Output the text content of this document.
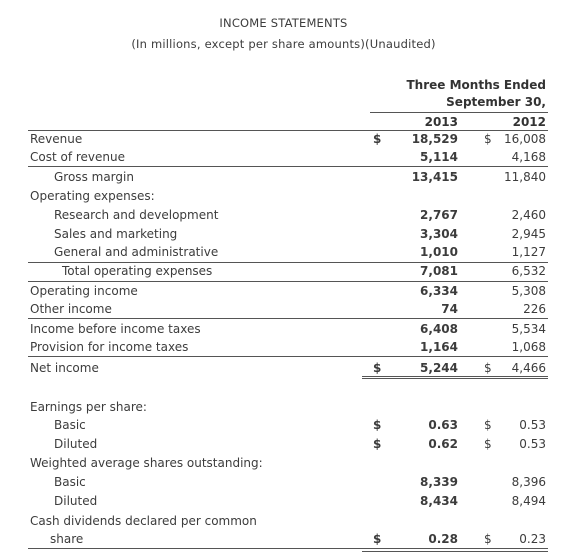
INCOME STATEMENTS
(In millions, except per share amounts)(Unaudited)
Three Months Ended
September 30,
2013	2012
Revenue	$	18,529 $ 16,008
Cost of revenue	5,114	4,168
Gross margin	13,415	11,840
Operating expenses:
Research and development	2,767	2,460
Sales and marketing	3,304	2,945
General and administrative	1,010	1,127
Total operating expenses	7,081	6,532
Operating income	6,334	5,308
Other income	74	226
Income before income taxes	6,408	5,534
Provision for income taxes	1,164	1,068
Net income	$	5,244 $ 4,466
Earnings per share:
Basic	$	0.63 $ 0.53
Diluted	$	0.62 $ 0.53
Weighted average shares outstanding:
Basic	8,339	8,396
Diluted	8,434	8,494
Cash dividends declared per common
share	$	0.28 $ 0.23
